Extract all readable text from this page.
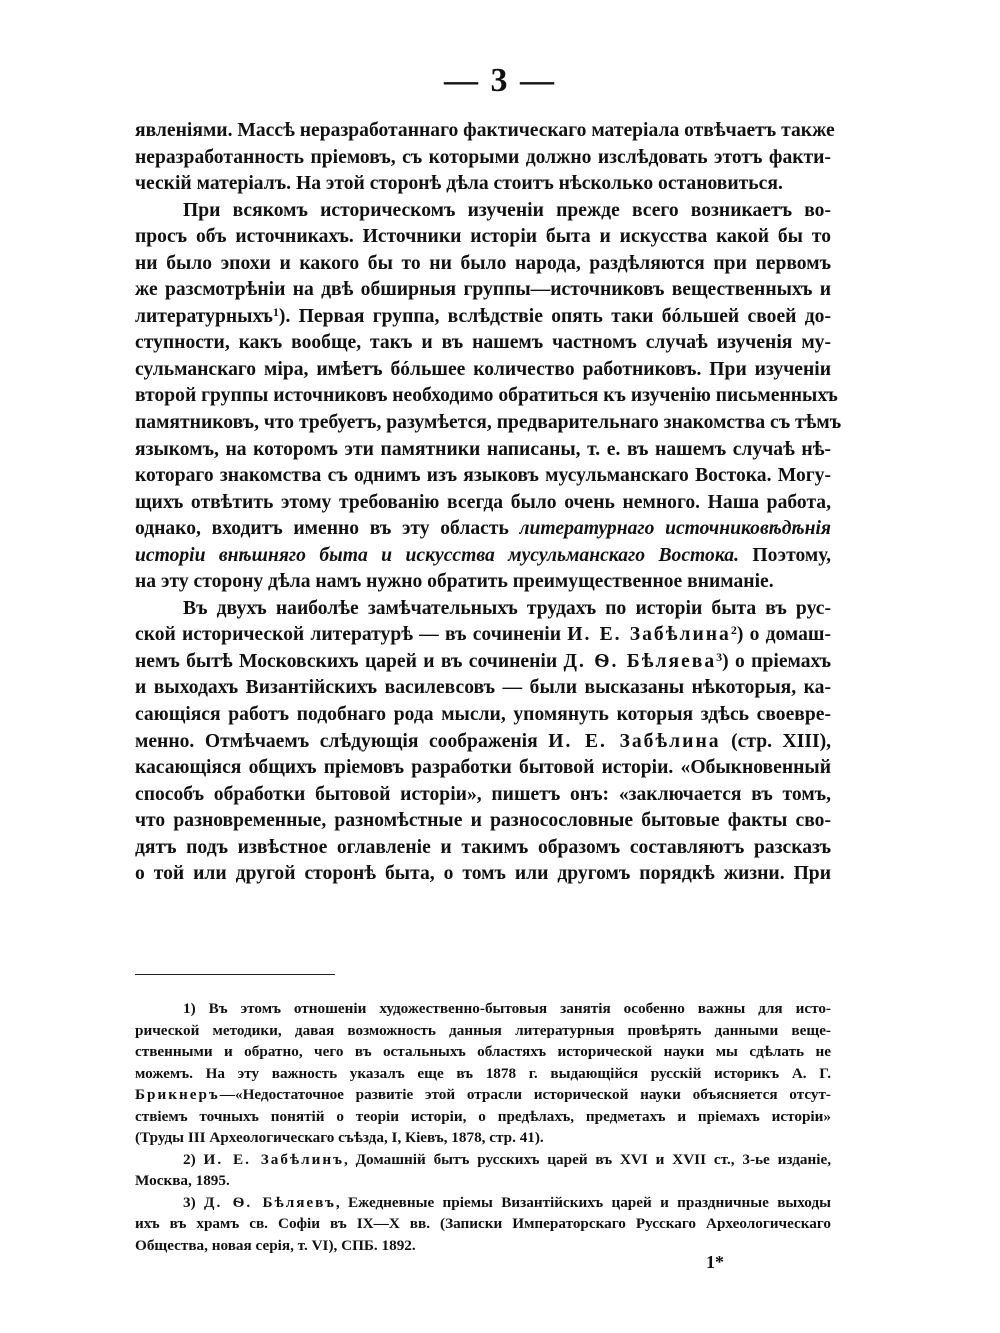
— 3 —
явленіями. Массѣ неразработаннаго фактическаго матеріала отвѣчаетъ также
неразработанность пріемовъ, съ которыми должно изслѣдовать этотъ факти-
ческій матеріалъ. На этой сторонѣ дѣла стоитъ нѣсколько остановиться.
При всякомъ историческомъ изученіи прежде всего возникаетъ во-
просъ объ источникахъ. Источники исторіи быта и искусства какой бы то
ни было эпохи и какого бы то ни было народа, раздѣляются при первомъ
же разсмотрѣніи на двѣ обширныя группы—источниковъ вещественныхъ и
литературныхъ$^1$). Первая группа, вслѣдствіе опять таки бóльшей своей до-
ступности, какъ вообще, такъ и въ нашемъ частномъ случаѣ изученія му-
сульманскаго міра, имѣетъ бóльшее количество работниковъ. При изученіи
второй группы источниковъ необходимо обратиться къ изученію письменныхъ
памятниковъ, что требуетъ, разумѣется, предварительнаго знакомства съ тѣмъ
языкомъ, на которомъ эти памятники написаны, т. е. въ нашемъ случаѣ нѣ-
котораго знакомства съ однимъ изъ языковъ мусульманскаго Востока. Могу-
щихъ отвѣтить этому требованію всегда было очень немного. Наша работа,
однако, входитъ именно въ эту область литературнаго источниковѣдѣнія
исторіи внѣшняго быта и искусства мусульманскаго Востока. Поэтому,
на эту сторону дѣла намъ нужно обратить преимущественное вниманіе.
Въ двухъ наиболѣе замѣчательныхъ трудахъ по исторіи быта въ рус-
ской исторической литературѣ — въ сочиненіи И. Е. Забѣлина$^2$) о домаш-
немъ бытѣ Московскихъ царей и въ сочиненіи Д. Ѳ. Бѣляева$^3$) о пріемахъ
и выходахъ Византійскихъ василевсовъ — были высказаны нѣкоторыя, ка-
сающіяся работъ подобнаго рода мысли, упомянуть которыя здѣсь своевре-
менно. Отмѣчаемъ слѣдующія соображенія И. Е. Забѣлина (стр. XIII),
касающіяся общихъ пріемовъ разработки бытовой исторіи. «Обыкновенный
способъ обработки бытовой исторіи», пишетъ онъ: «заключается въ томъ,
что разновременные, разномѣстные и разносословные бытовые факты сво-
дятъ подъ извѣстное оглавленіе и такимъ образомъ составляютъ разсказъ
о той или другой сторонѣ быта, о томъ или другомъ порядкѣ жизни. При
1) Въ этомъ отношеніи художественно-бытовыя занятія особенно важны для исто-
рической методики, давая возможность данныя литературныя провѣрять данными веще-
ственными и обратно, чего въ остальныхъ областяхъ исторической науки мы сдѣлать не
можемъ. На эту важность указалъ еще въ 1878 г. выдающійся русскій историкъ А. Г.
Брикнеръ—«Недостаточное развитіе этой отрасли исторической науки объясняется отсут-
ствіемъ точныхъ понятій о теоріи исторіи, о предѣлахъ, предметахъ и пріемахъ исторіи»
(Труды III Археологическаго съѣзда, I, Кіевъ, 1878, стр. 41).
2) И. Е. Забѣлинъ, Домашній бытъ русскихъ царей въ XVI и XVII ст., 3-ье изданіе,
Москва, 1895.
3) Д. Ѳ. Бѣляевъ, Ежедневные пріемы Византійскихъ царей и праздничные выходы
ихъ въ храмъ св. Софіи въ IX—X вв. (Записки Императорскаго Русскаго Археологическаго
Общества, новая серія, т. VI), СПБ. 1892.
1*
